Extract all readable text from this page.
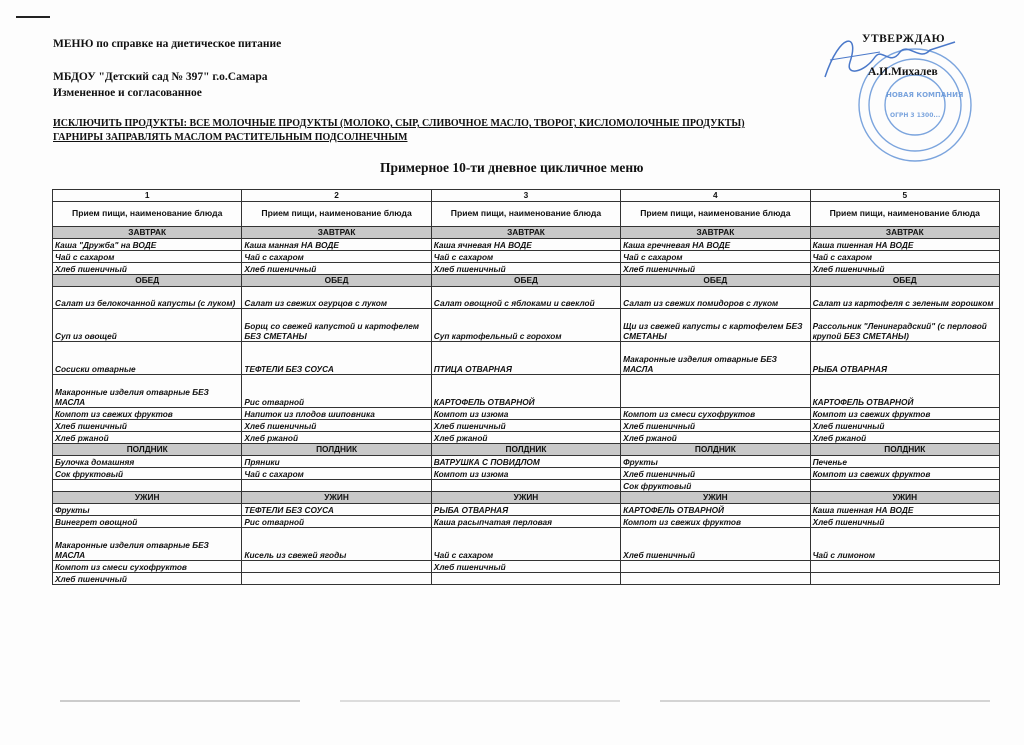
МЕНЮ по справке на диетическое питание
МБДОУ "Детский сад № 397" г.о.Самара
Измененное и согласованное
ИСКЛЮЧИТЬ ПРОДУКТЫ: ВСЕ МОЛОЧНЫЕ ПРОДУКТЫ (МОЛОКО, СЫР, СЛИВОЧНОЕ МАСЛО, ТВОРОГ, КИСЛОМОЛОЧНЫЕ ПРОДУКТЫ)
ГАРНИРЫ ЗАПРАВЛЯТЬ МАСЛОМ РАСТИТЕЛЬНЫМ ПОДСОЛНЕЧНЫМ
НОВАЯ КОМПАНИЯ
ОГРН 3 1300...
УТВЕРЖДАЮ
А.И.Михалев
Примерное 10-ти дневное цикличное меню
1	2	3	4	5
Прием пищи, наименование блюда	Прием пищи, наименование блюда	Прием пищи, наименование блюда	Прием пищи, наименование блюда	Прием пищи, наименование блюда
ЗАВТРАК	ЗАВТРАК	ЗАВТРАК	ЗАВТРАК	ЗАВТРАК
Каша "Дружба" на ВОДЕ	Каша манная НА ВОДЕ	Каша ячневая НА ВОДЕ	Каша гречневая НА ВОДЕ	Каша пшенная НА ВОДЕ
Чай с сахаром	Чай с сахаром	Чай с сахаром	Чай с сахаром	Чай с сахаром
Хлеб пшеничный	Хлеб пшеничный	Хлеб пшеничный	Хлеб пшеничный	Хлеб пшеничный
ОБЕД	ОБЕД	ОБЕД	ОБЕД	ОБЕД
Салат из белокочанной капусты (с луком)	Салат из свежих огурцов с луком	Салат овощной с яблоками и свеклой	Салат из свежих помидоров с луком	Салат из картофеля с зеленым горошком
Суп из овощей	Борщ со свежей капустой и картофелем БЕЗ СМЕТАНЫ	Суп картофельный с горохом	Щи из свежей капусты с картофелем БЕЗ СМЕТАНЫ	Рассольник "Ленинградский" (с перловой крупой БЕЗ СМЕТАНЫ)
Сосиски отварные	ТЕФТЕЛИ БЕЗ СОУСА	ПТИЦА ОТВАРНАЯ	Макаронные изделия отварные БЕЗ МАСЛА	РЫБА ОТВАРНАЯ
Макаронные изделия отварные БЕЗ МАСЛА	Рис отварной	КАРТОФЕЛЬ ОТВАРНОЙ		КАРТОФЕЛЬ ОТВАРНОЙ
Компот из свежих фруктов	Напиток из плодов шиповника	Компот из изюма	Компот из смеси сухофруктов	Компот из свежих фруктов
Хлеб пшеничный	Хлеб пшеничный	Хлеб пшеничный	Хлеб пшеничный	Хлеб пшеничный
Хлеб ржаной	Хлеб ржаной	Хлеб ржаной	Хлеб ржаной	Хлеб ржаной
ПОЛДНИК	ПОЛДНИК	ПОЛДНИК	ПОЛДНИК	ПОЛДНИК
Булочка домашняя	Пряники	ВАТРУШКА С ПОВИДЛОМ	Фрукты	Печенье
Сок фруктовый	Чай с сахаром	Компот из изюма	Хлеб пшеничный	Компот из свежих фруктов
			Сок фруктовый	
УЖИН	УЖИН	УЖИН	УЖИН	УЖИН
Фрукты	ТЕФТЕЛИ БЕЗ СОУСА	РЫБА ОТВАРНАЯ	КАРТОФЕЛЬ ОТВАРНОЙ	Каша пшенная НА ВОДЕ
Винегрет овощной	Рис отварной	Каша расыпчатая перловая	Компот из свежих фруктов	Хлеб пшеничный
Макаронные изделия отварные БЕЗ МАСЛА	Кисель из свежей ягоды	Чай с сахаром	Хлеб пшеничный	Чай с лимоном
Компот из смеси сухофруктов		Хлеб пшеничный		
Хлеб пшеничный				
